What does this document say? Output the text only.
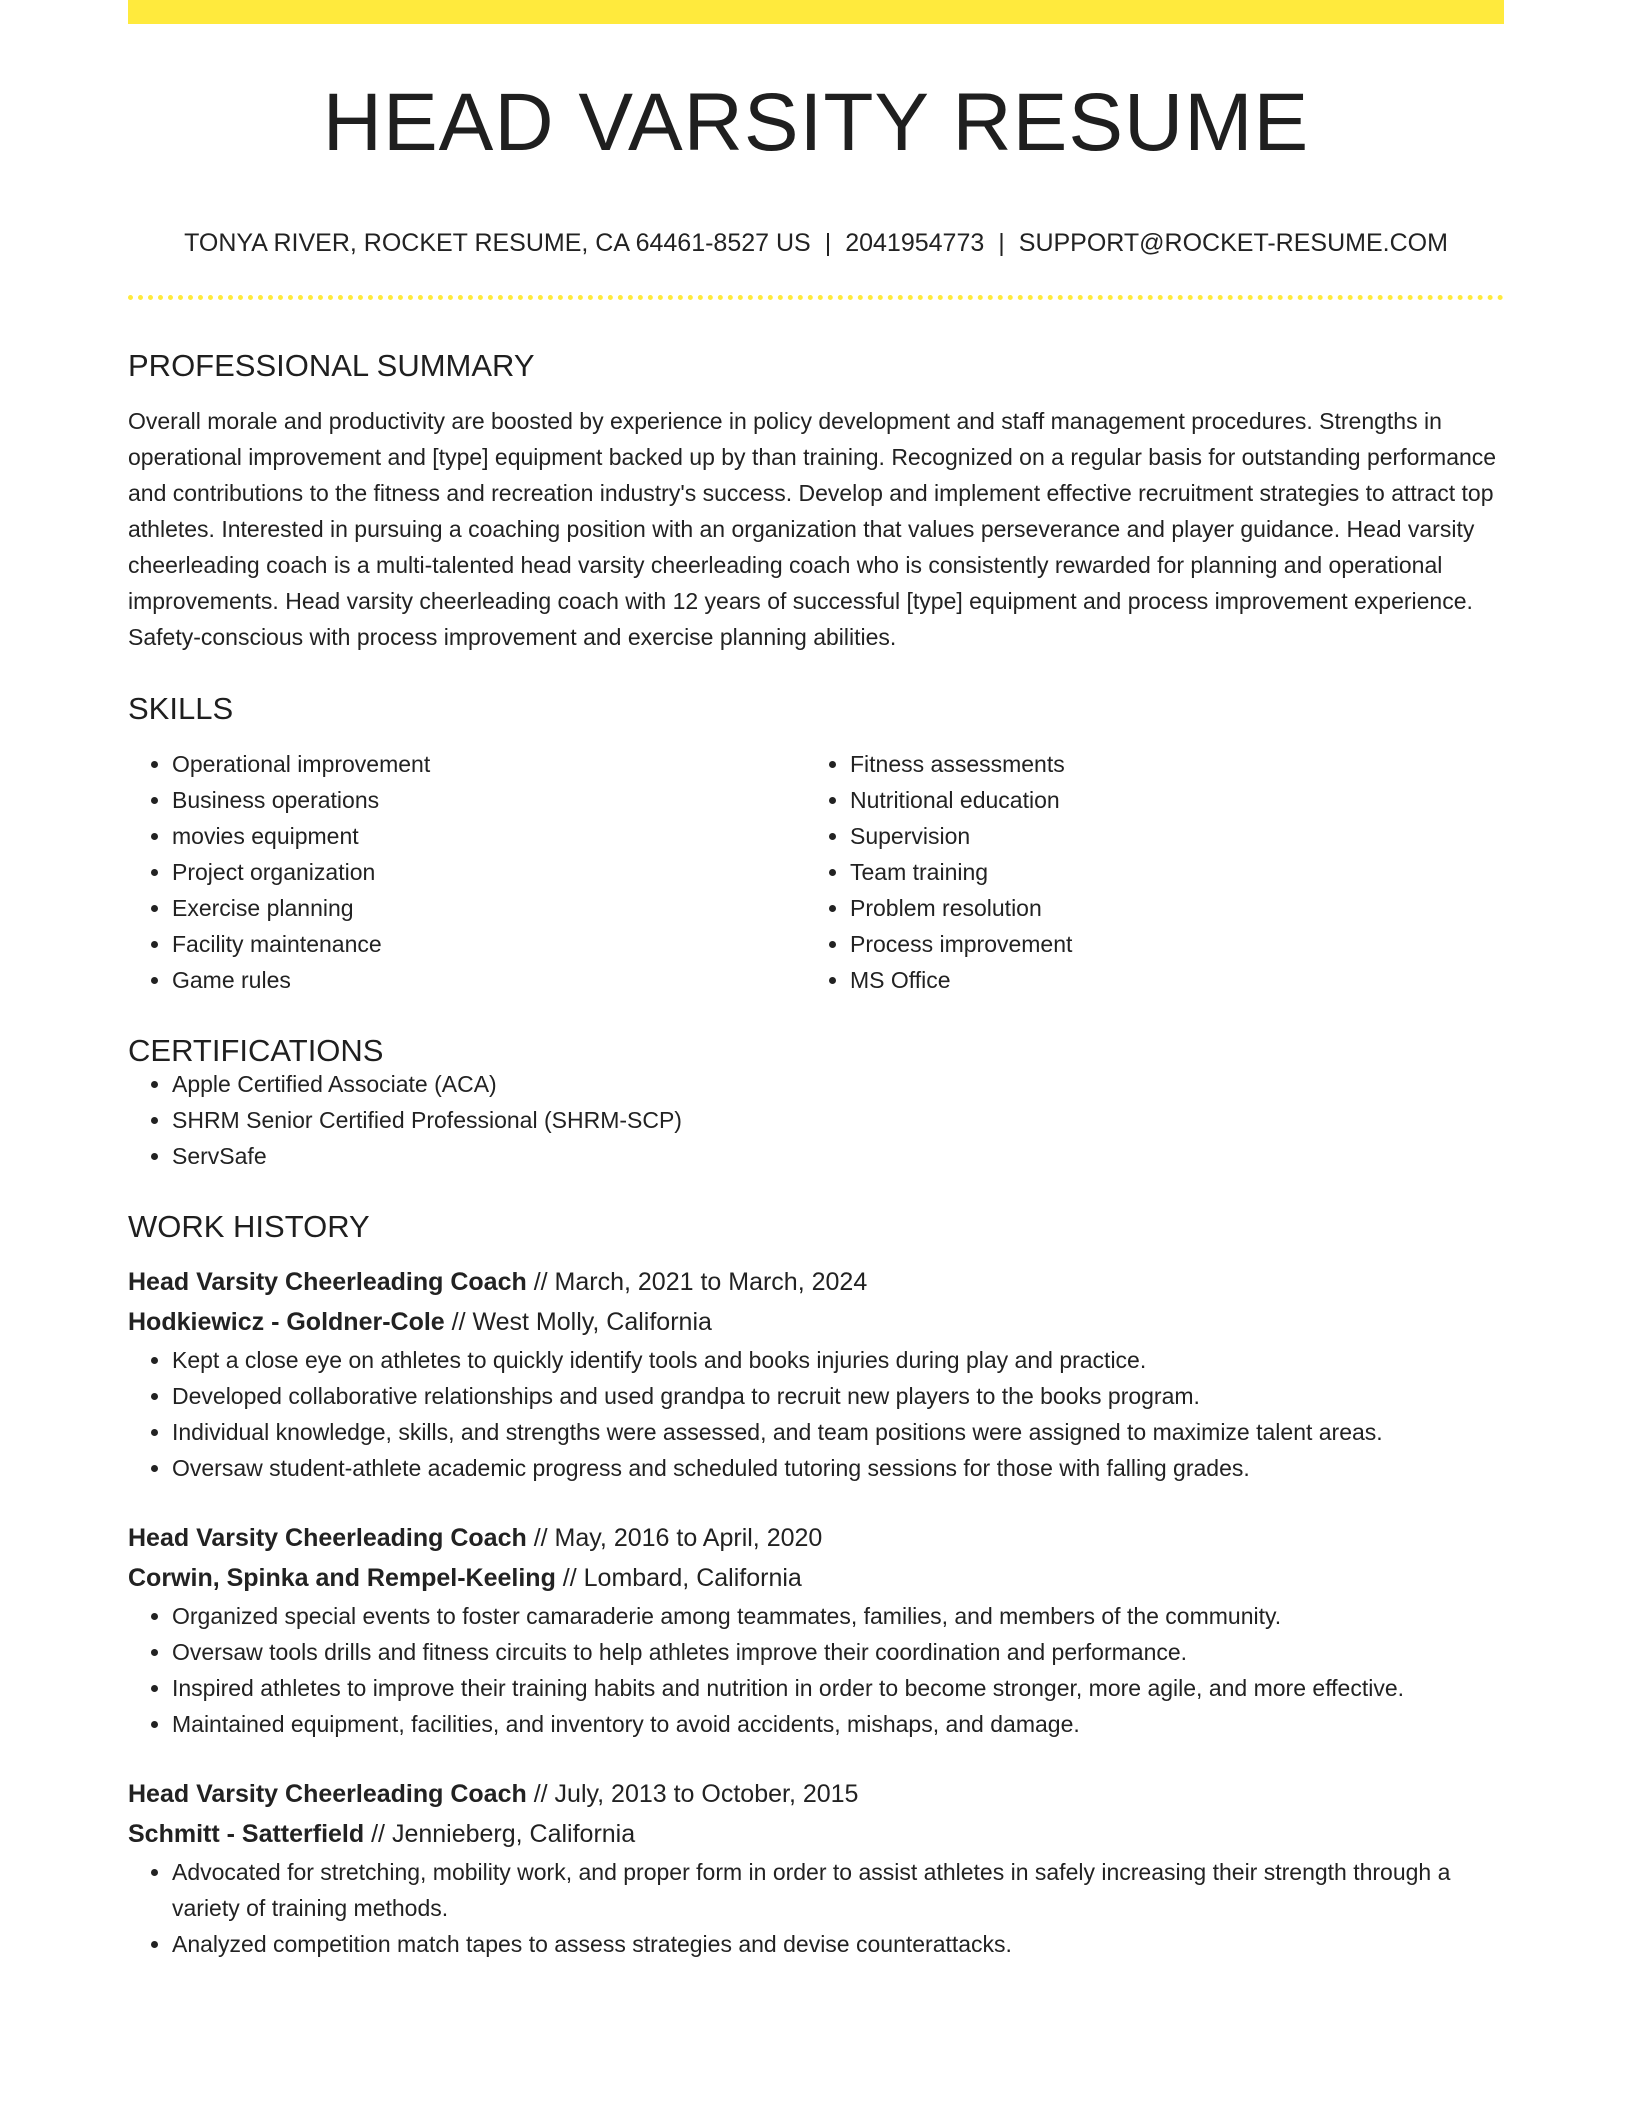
HEAD VARSITY RESUME
TONYA RIVER, ROCKET RESUME, CA 64461-8527 US | 2041954773 | SUPPORT@ROCKET-RESUME.COM
PROFESSIONAL SUMMARY

Overall morale and productivity are boosted by experience in policy development and staff management procedures. Strengths in operational improvement and [type] equipment backed up by than training. Recognized on a regular basis for outstanding performance and contributions to the fitness and recreation industry's success. Develop and implement effective recruitment strategies to attract top athletes. Interested in pursuing a coaching position with an organization that values perseverance and player guidance. Head varsity cheerleading coach is a multi-talented head varsity cheerleading coach who is consistently rewarded for planning and operational improvements. Head varsity cheerleading coach with 12 years of successful [type] equipment and process improvement experience. Safety-conscious with process improvement and exercise planning abilities.

SKILLS
• Operational improvement
• Business operations
• movies equipment
• Project organization
• Exercise planning
• Facility maintenance
• Game rules
• Fitness assessments
• Nutritional education
• Supervision
• Team training
• Problem resolution
• Process improvement
• MS Office
CERTIFICATIONS
• Apple Certified Associate (ACA)
• SHRM Senior Certified Professional (SHRM-SCP)
• ServSafe
WORK HISTORY
Head Varsity Cheerleading Coach // March, 2021 to March, 2024
Hodkiewicz - Goldner-Cole // West Molly, California
• Kept a close eye on athletes to quickly identify tools and books injuries during play and practice.
• Developed collaborative relationships and used grandpa to recruit new players to the books program.
• Individual knowledge, skills, and strengths were assessed, and team positions were assigned to maximize talent areas.
• Oversaw student-athlete academic progress and scheduled tutoring sessions for those with falling grades.
Head Varsity Cheerleading Coach // May, 2016 to April, 2020
Corwin, Spinka and Rempel-Keeling // Lombard, California
• Organized special events to foster camaraderie among teammates, families, and members of the community.
• Oversaw tools drills and fitness circuits to help athletes improve their coordination and performance.
• Inspired athletes to improve their training habits and nutrition in order to become stronger, more agile, and more effective.
• Maintained equipment, facilities, and inventory to avoid accidents, mishaps, and damage.
Head Varsity Cheerleading Coach // July, 2013 to October, 2015
Schmitt - Satterfield // Jennieberg, California
• Advocated for stretching, mobility work, and proper form in order to assist athletes in safely increasing their strength through a variety of training methods.
• Analyzed competition match tapes to assess strategies and devise counterattacks.
